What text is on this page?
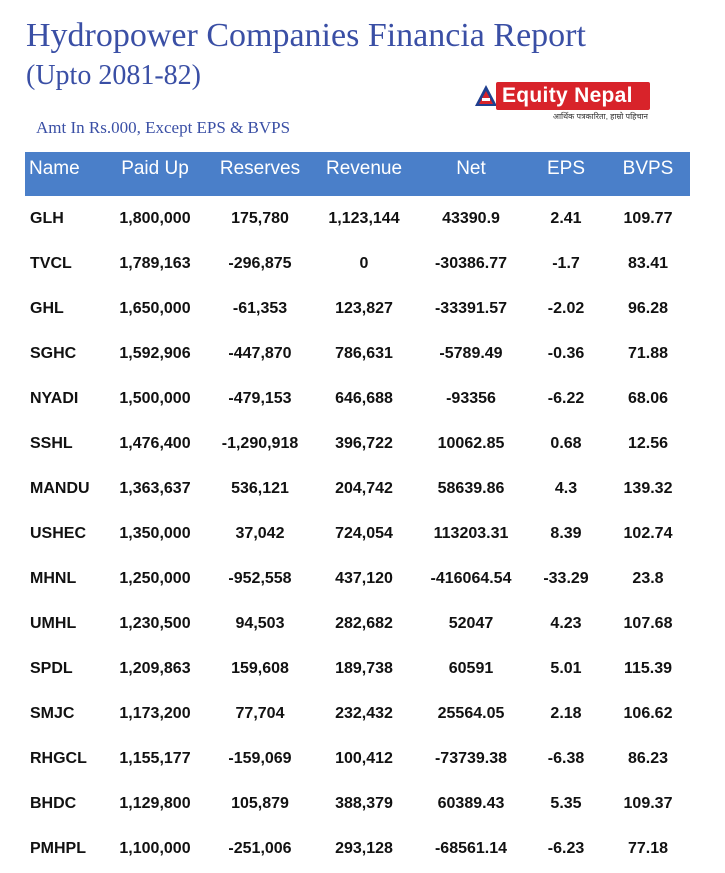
Hydropower Companies Financia Report
(Upto 2081-82)
Equity Nepal
आर्थिक पत्रकारिता, हाम्रो पहिचान
Amt In Rs.000, Except EPS & BVPS
Name Paid Up Reserves Revenue	Net	EPS BVPS
GLH	1,800,000	175,780 1,123,144	43390.9	2.41	109.77
TVCL	1,789,163 -296,875	0	-30386.77	-1.7	83.41
GHL	1,650,000	-61,353	123,827	-33391.57	-2.02	96.28
SGHC	1,592,906 -447,870	786,631	-5789.49	-0.36	71.88
NYADI	1,500,000 -479,153	646,688	-93356	-6.22	68.06
SSHL	1,476,400 -1,290,918 396,722	10062.85	0.68	12.56
MANDU 1,363,637	536,121	204,742	58639.86	4.3	139.32
USHEC 1,350,000	37,042	724,054	113203.31	8.39	102.74
MHNL	1,250,000 -952,558	437,120 -416064.54 -33.29	23.8
UMHL	1,230,500	94,503	282,682	52047	4.23	107.68
SPDL	1,209,863	159,608	189,738	60591	5.01	115.39
SMJC	1,173,200	77,704	232,432	25564.05	2.18	106.62
RHGCL 1,155,177 -159,069	100,412	-73739.38	-6.38	86.23
BHDC	1,129,800	105,879	388,379	60389.43	5.35	109.37
PMHPL 1,100,000 -251,006	293,128	-68561.14	-6.23	77.18
